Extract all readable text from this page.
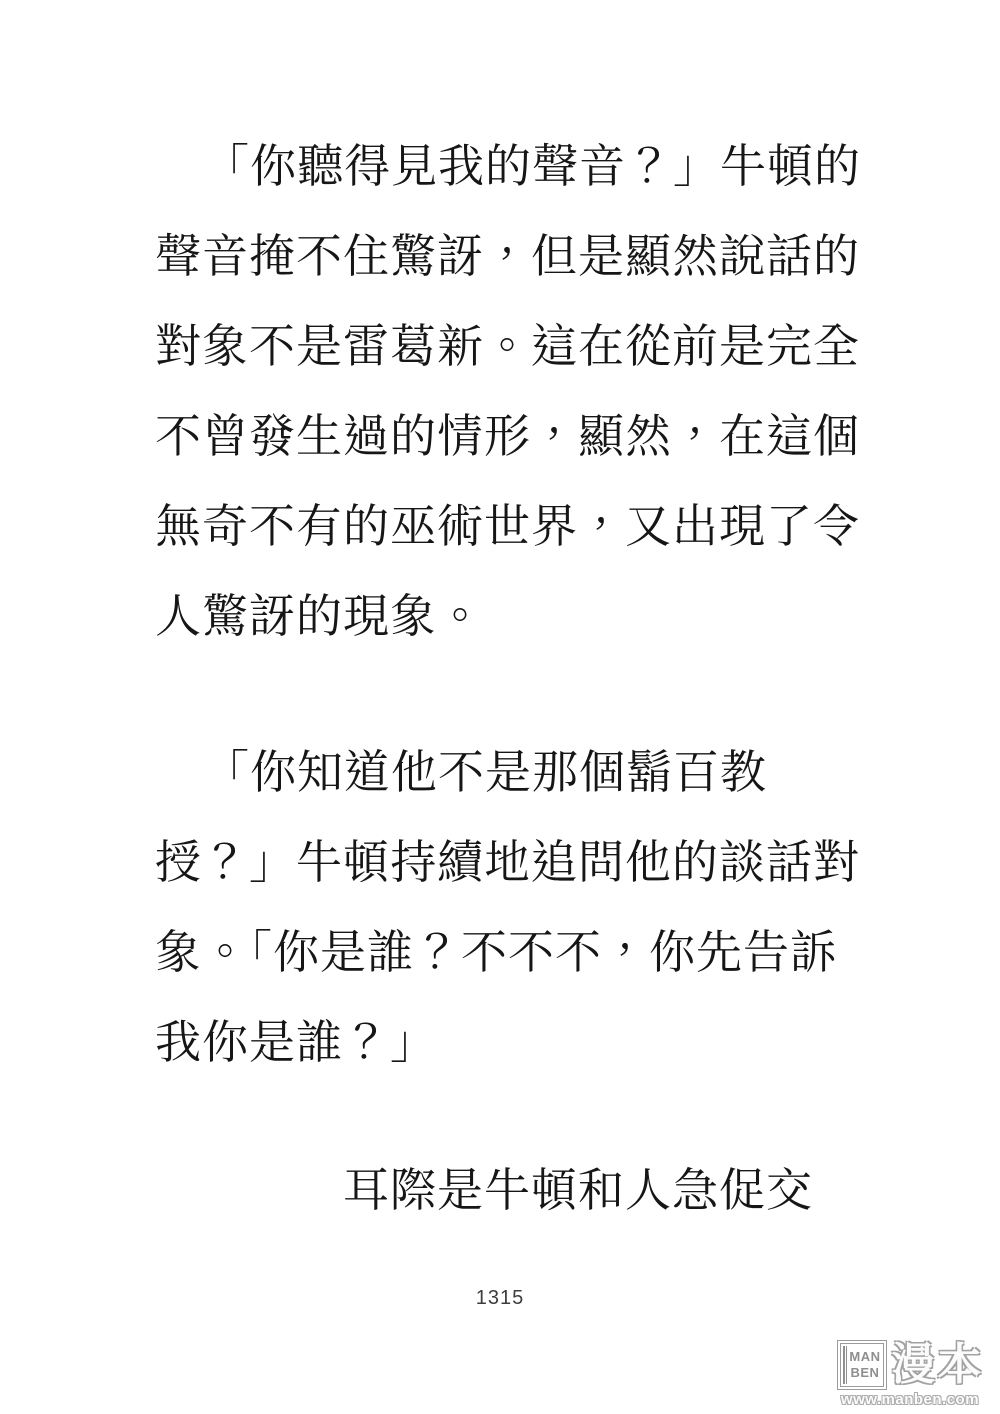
「你聽得見我的聲音？」牛頓的
聲音掩不住驚訝，但是顯然說話的
對象不是雷葛新。這在從前是完全
不曾發生過的情形，顯然，在這個
無奇不有的巫術世界，又出現了令
人驚訝的現象。
「你知道他不是那個鬍百教
授？」牛頓持續地追問他的談話對
象。「你是誰？不不不，你先告訴
我你是誰？」
耳際是牛頓和人急促交
1315
MAN
BEN 漫本
www.manben.com
